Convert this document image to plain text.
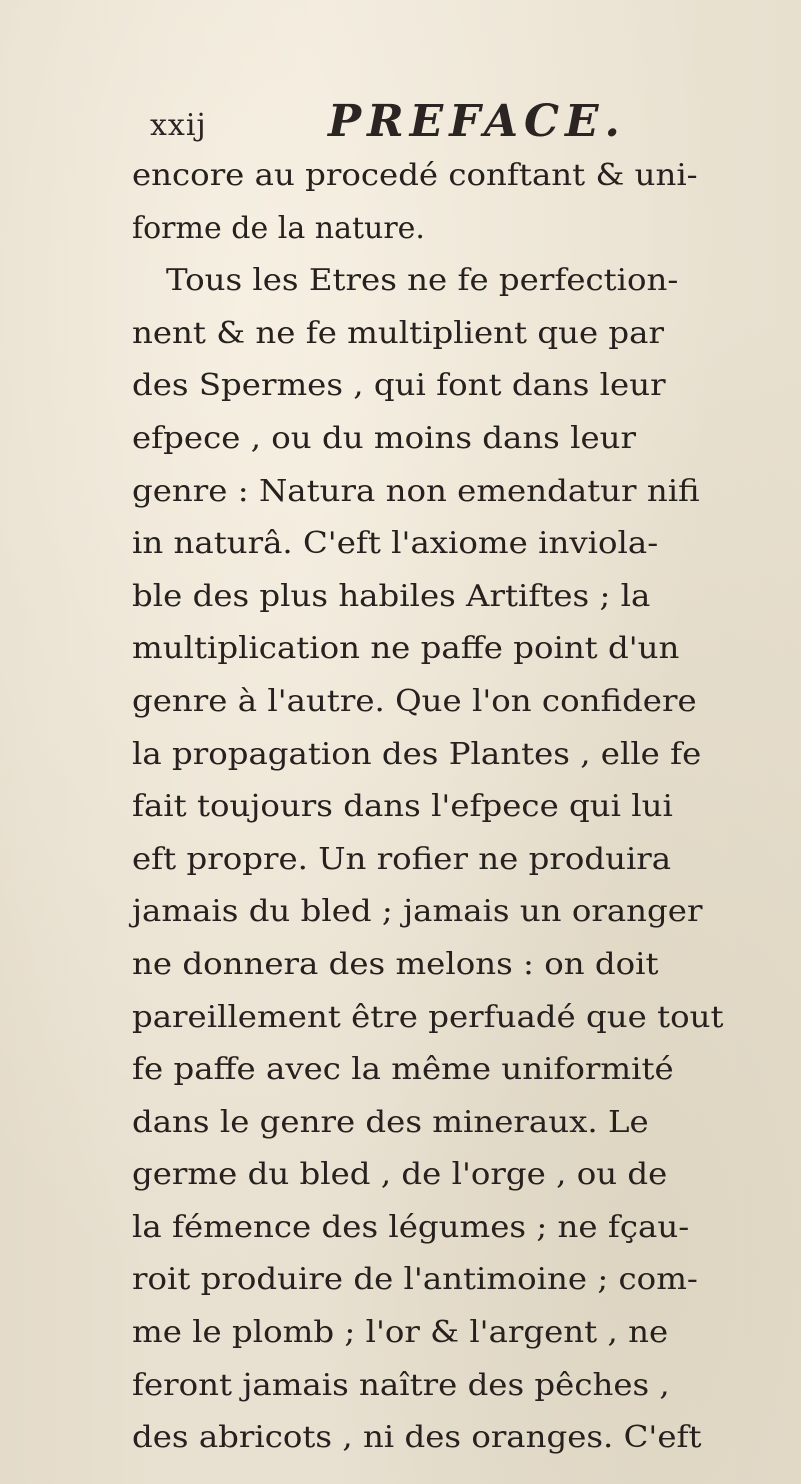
xxij	PREFACE.
encore au procedé conftant & uni-
forme de la nature.
Tous les Etres ne fe perfection-
nent & ne fe multiplient que par
des Spermes , qui font dans leur
efpece , ou du moins dans leur
genre : Natura non emendatur nifi
in naturâ. C'eft l'axiome inviola-
ble des plus habiles Artiftes ; la
multiplication ne paffe point d'un
genre à l'autre. Que l'on confidere
la propagation des Plantes , elle fe
fait toujours dans l'efpece qui lui
eft propre. Un rofier ne produira
jamais du bled ; jamais un oranger
ne donnera des melons : on doit
pareillement être perfuadé que tout
fe paffe avec la même uniformité
dans le genre des mineraux. Le
germe du bled , de l'orge , ou de
la fémence des légumes ; ne fçau-
roit produire de l'antimoine ; com-
me le plomb ; l'or & l'argent , ne
feront jamais naître des pêches ,
des abricots , ni des oranges. C'eft
